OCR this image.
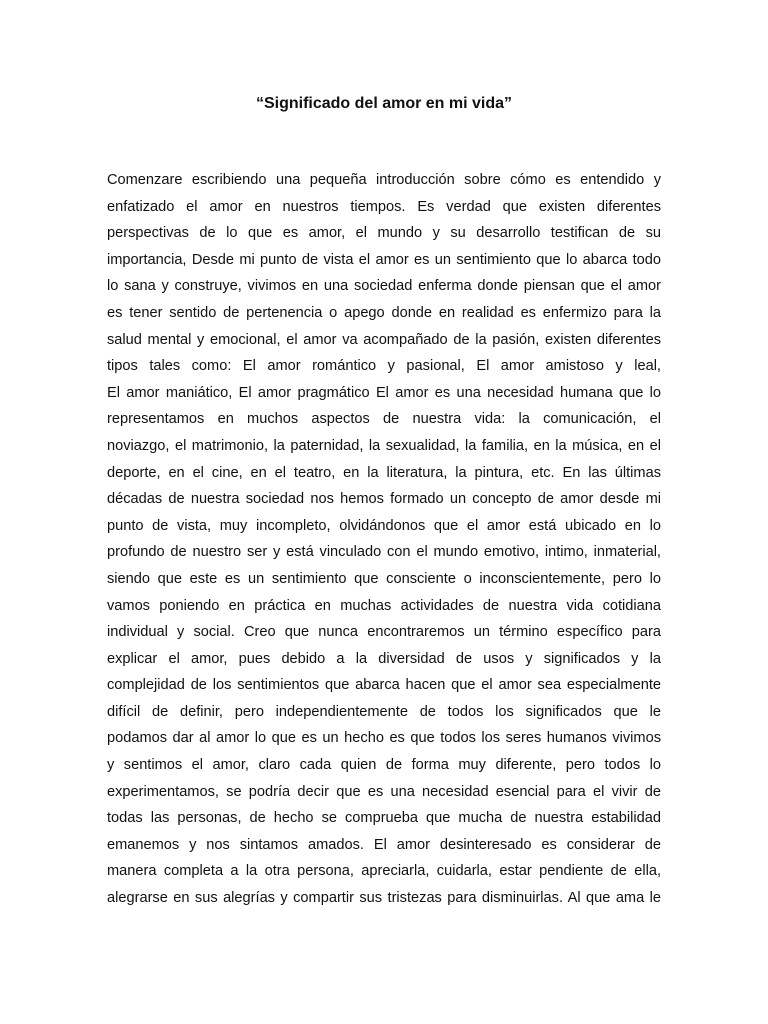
“Significado del amor en mi vida”
Comenzare escribiendo una pequeña introducción sobre cómo es entendido y
enfatizado el amor en nuestros tiempos. Es verdad que existen diferentes
perspectivas de lo que es amor, el mundo y su desarrollo testifican de su
importancia, Desde mi punto de vista el amor es un sentimiento que lo abarca todo
lo sana y construye, vivimos en una sociedad enferma donde piensan que el amor
es tener sentido de pertenencia o apego donde en realidad es enfermizo para la
salud mental y emocional, el amor va acompañado de la pasión, existen diferentes
tipos tales como: El amor romántico y pasional, El amor amistoso y leal,
El amor maniático, El amor pragmático El amor es una necesidad humana que lo
representamos en muchos aspectos de nuestra vida: la comunicación, el
noviazgo, el matrimonio, la paternidad, la sexualidad, la familia, en la música, en el
deporte, en el cine, en el teatro, en la literatura, la pintura, etc. En las últimas
décadas de nuestra sociedad nos hemos formado un concepto de amor desde mi
punto de vista, muy incompleto, olvidándonos que el amor está ubicado en lo
profundo de nuestro ser y está vinculado con el mundo emotivo, intimo, inmaterial,
siendo que este es un sentimiento que consciente o inconscientemente, pero lo
vamos poniendo en práctica en muchas actividades de nuestra vida cotidiana
individual y social. Creo que nunca encontraremos un término específico para
explicar el amor, pues debido a la diversidad de usos y significados y la
complejidad de los sentimientos que abarca hacen que el amor sea especialmente
difícil de definir, pero independientemente de todos los significados que le
podamos dar al amor lo que es un hecho es que todos los seres humanos vivimos
y sentimos el amor, claro cada quien de forma muy diferente, pero todos lo
experimentamos, se podría decir que es una necesidad esencial para el vivir de
todas las personas, de hecho se comprueba que mucha de nuestra estabilidad
emanemos y nos sintamos amados. El amor desinteresado es considerar de
manera completa a la otra persona, apreciarla, cuidarla, estar pendiente de ella,
alegrarse en sus alegrías y compartir sus tristezas para disminuirlas. Al que ama le
